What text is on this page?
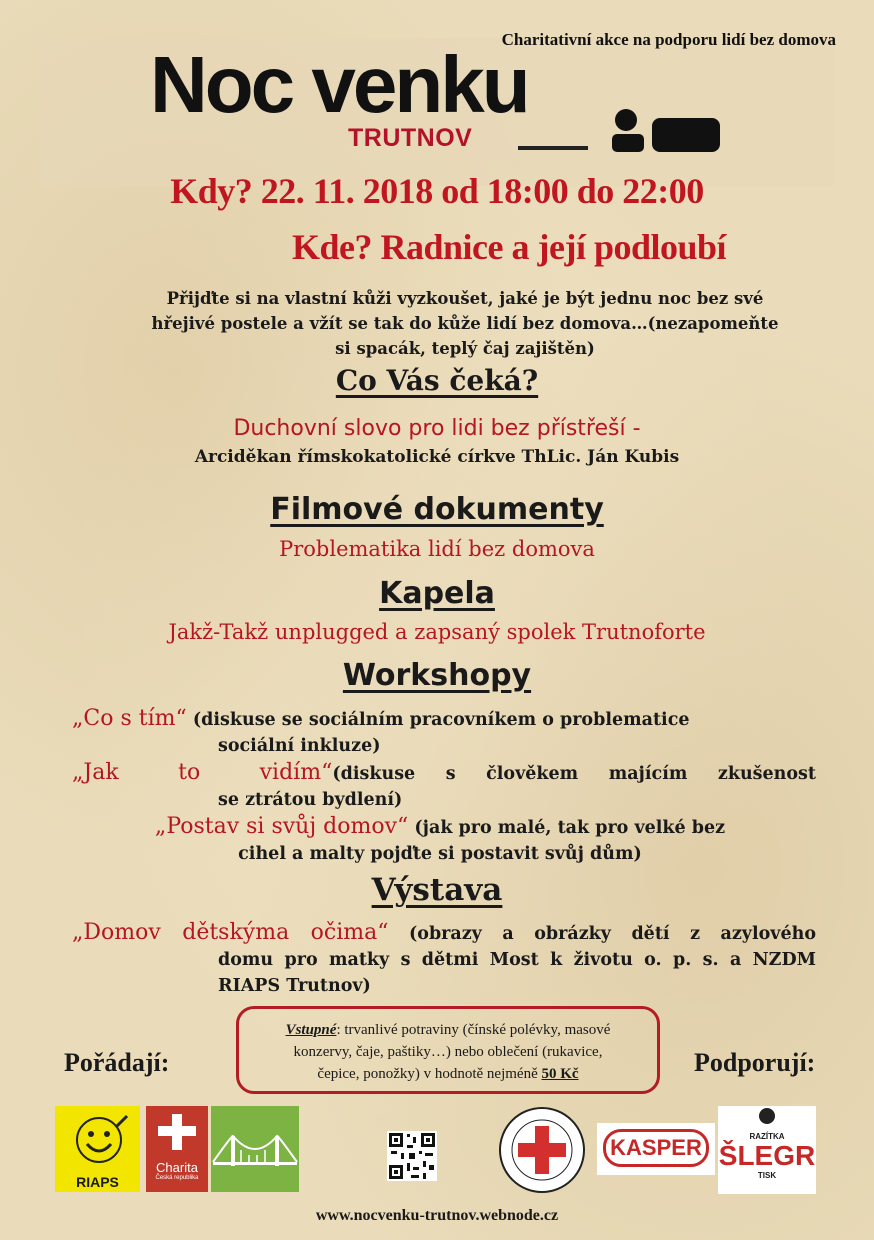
Charitativní akce na podporu lidí bez domova
Noc venku
TRUTNOV
Kdy? 22. 11. 2018 od 18:00 do 22:00
Kde? Radnice a její podloubí
Přijďte si na vlastní kůži vyzkoušet, jaké je být jednu noc bez své
hřejivé postele a vžít se tak do kůže lidí bez domova…(nezapomeňte
si spacák, teplý čaj zajištěn)
Co Vás čeká?
Duchovní slovo pro lidi bez přístřeší -
Arciděkan římskokatolické církve ThLic. Ján Kubis
Filmové dokumenty
Problematika lidí bez domova
Kapela
Jakž-Takž unplugged a zapsaný spolek Trutnoforte
Workshopy
„Co s tím“ (diskuse se sociálním pracovníkem o problematice
sociální inkluze)
„Jak to vidím“(diskuse s člověkem majícím zkušenost
se ztrátou bydlení)
„Postav si svůj domov“ (jak pro malé, tak pro velké bez
cihel a malty pojďte si postavit svůj dům)
Výstava
„Domov dětskýma očima“ (obrazy a obrázky dětí z azylového
domu pro matky s dětmi Most k životu o. p. s. a NZDM
RIAPS Trutnov)
Vstupné: trvanlivé potraviny (čínské polévky, masové
konzervy, čaje, paštiky…) nebo oblečení (rukavice,
čepice, ponožky) v hodnotě nejméně 50 Kč
Pořádají:	Podporují:
RIAPS
Charita
Česká republika
KASPER	RAZÍTKA
ŠLEGR
TISK
www.nocvenku-trutnov.webnode.cz
